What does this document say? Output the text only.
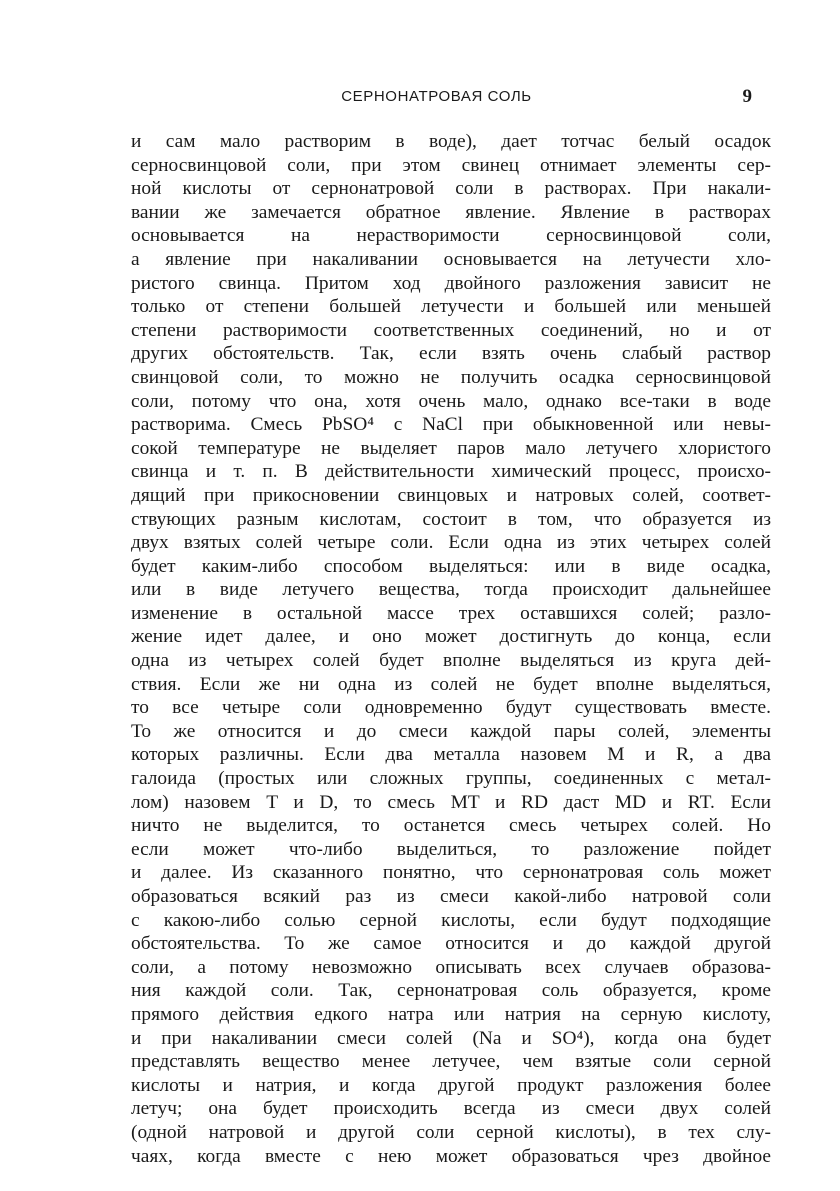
СЕРНОНАТРОВАЯ СОЛЬ	9
и сам мало растворим в воде), дает тотчас белый осадок
серносвинцовой соли, при этом свинец отнимает элементы сер-
ной кислоты от сернонатровой соли в растворах. При накали-
вании же замечается обратное явление. Явление в растворах
основывается на нерастворимости серносвинцовой соли,
а явление при накаливании основывается на летучести хло-
ристого свинца. Притом ход двойного разложения зависит не
только от степени большей летучести и большей или меньшей
степени растворимости соответственных соединений, но и от
других обстоятельств. Так, если взять очень слабый раствор
свинцовой соли, то можно не получить осадка серносвинцовой
соли, потому что она, хотя очень мало, однако все-таки в воде
растворима. Смесь PbSO⁴ с NaCl при обыкновенной или невы-
сокой температуре не выделяет паров мало летучего хлористого
свинца и т. п. В действительности химический процесс, происхо-
дящий при прикосновении свинцовых и натровых солей, соответ-
ствующих разным кислотам, состоит в том, что образуется из
двух взятых солей четыре соли. Если одна из этих четырех солей
будет каким-либо способом выделяться: или в виде осадка,
или в виде летучего вещества, тогда происходит дальнейшее
изменение в остальной массе трех оставшихся солей; разло-
жение идет далее, и оно может достигнуть до конца, если
одна из четырех солей будет вполне выделяться из круга дей-
ствия. Если же ни одна из солей не будет вполне выделяться,
то все четыре соли одновременно будут существовать вместе.
То же относится и до смеси каждой пары солей, элементы
которых различны. Если два металла назовем M и R, а два
галоида (простых или сложных группы, соединенных с метал-
лом) назовем T и D, то смесь MT и RD даст MD и RT. Если
ничто не выделится, то останется смесь четырех солей. Но
если может что-либо выделиться, то разложение пойдет
и далее. Из сказанного понятно, что сернонатровая соль может
образоваться всякий раз из смеси какой-либо натровой соли
с какою-либо солью серной кислоты, если будут подходящие
обстоятельства. То же самое относится и до каждой другой
соли, а потому невозможно описывать всех случаев образова-
ния каждой соли. Так, сернонатровая соль образуется, кроме
прямого действия едкого натра или натрия на серную кислоту,
и при накаливании смеси солей (Na и SO⁴), когда она будет
представлять вещество менее летучее, чем взятые соли серной
кислоты и натрия, и когда другой продукт разложения более
летуч; она будет происходить всегда из смеси двух солей
(одной натровой и другой соли серной кислоты), в тех слу-
чаях, когда вместе с нею может образоваться чрез двойное
